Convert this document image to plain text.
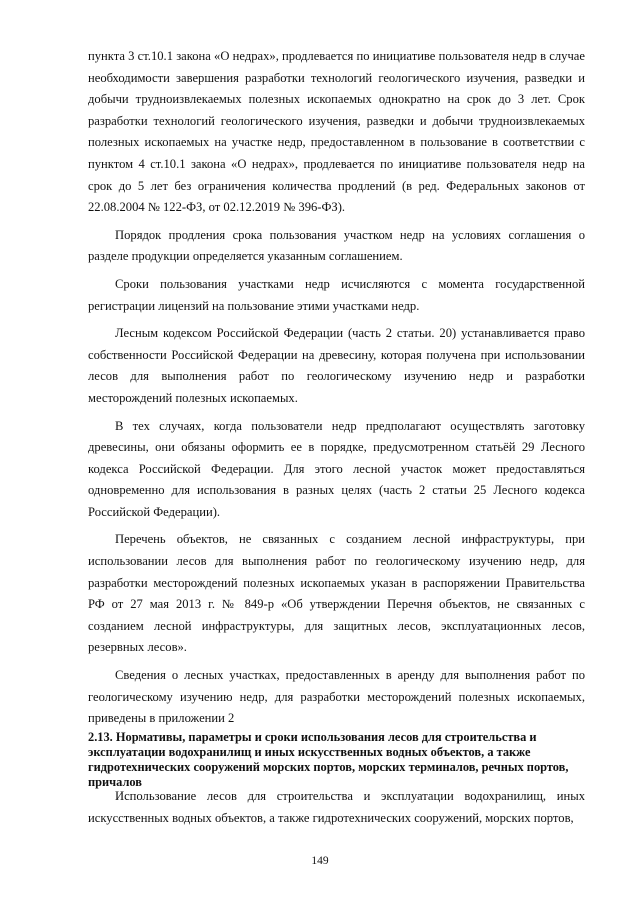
пункта 3 ст.10.1 закона «О недрах», продлевается по инициативе пользователя недр в случае необходимости завершения разработки технологий геологического изучения, разведки и добычи трудноизвлекаемых полезных ископаемых однократно на срок до 3 лет. Срок разработки технологий геологического изучения, разведки и добычи трудноизвлекаемых полезных ископаемых на участке недр, предоставленном в пользование в соответствии с пунктом 4 ст.10.1 закона «О недрах», продлевается по инициативе пользователя недр на срок до 5 лет без ограничения количества продлений (в ред. Федеральных законов от 22.08.2004 № 122-ФЗ, от 02.12.2019 № 396-ФЗ).

Порядок продления срока пользования участком недр на условиях соглашения о разделе продукции определяется указанным соглашением.

Сроки пользования участками недр исчисляются с момента государственной регистрации лицензий на пользование этими участками недр.

Лесным кодексом Российской Федерации (часть 2 статьи. 20) устанавливается право собственности Российской Федерации на древесину, которая получена при использовании лесов для выполнения работ по геологическому изучению недр и разработки месторождений полезных ископаемых.

В тех случаях, когда пользователи недр предполагают осуществлять заготовку древесины, они обязаны оформить ее в порядке, предусмотренном статьёй 29 Лесного кодекса Российской Федерации. Для этого лесной участок может предоставляться одновременно для использования в разных целях (часть 2 статьи 25 Лесного кодекса Российской Федерации).

Перечень объектов, не связанных с созданием лесной инфраструктуры, при использовании лесов для выполнения работ по геологическому изучению недр, для разработки месторождений полезных ископаемых указан в распоряжении Правительства РФ от 27 мая 2013 г. № 849-р «Об утверждении Перечня объектов, не связанных с созданием лесной инфраструктуры, для защитных лесов, эксплуатационных лесов, резервных лесов».

Сведения о лесных участках, предоставленных в аренду для выполнения работ по геологическому изучению недр, для разработки месторождений полезных ископаемых, приведены в приложении 2

2.13. Нормативы, параметры и сроки использования лесов для строительства и эксплуатации водохранилищ и иных искусственных водных объектов, а также гидротехнических сооружений морских портов, морских терминалов, речных портов, причалов
Использование лесов для строительства и эксплуатации водохранилищ, иных искусственных водных объектов, а также гидротехнических сооружений, морских портов,
149
